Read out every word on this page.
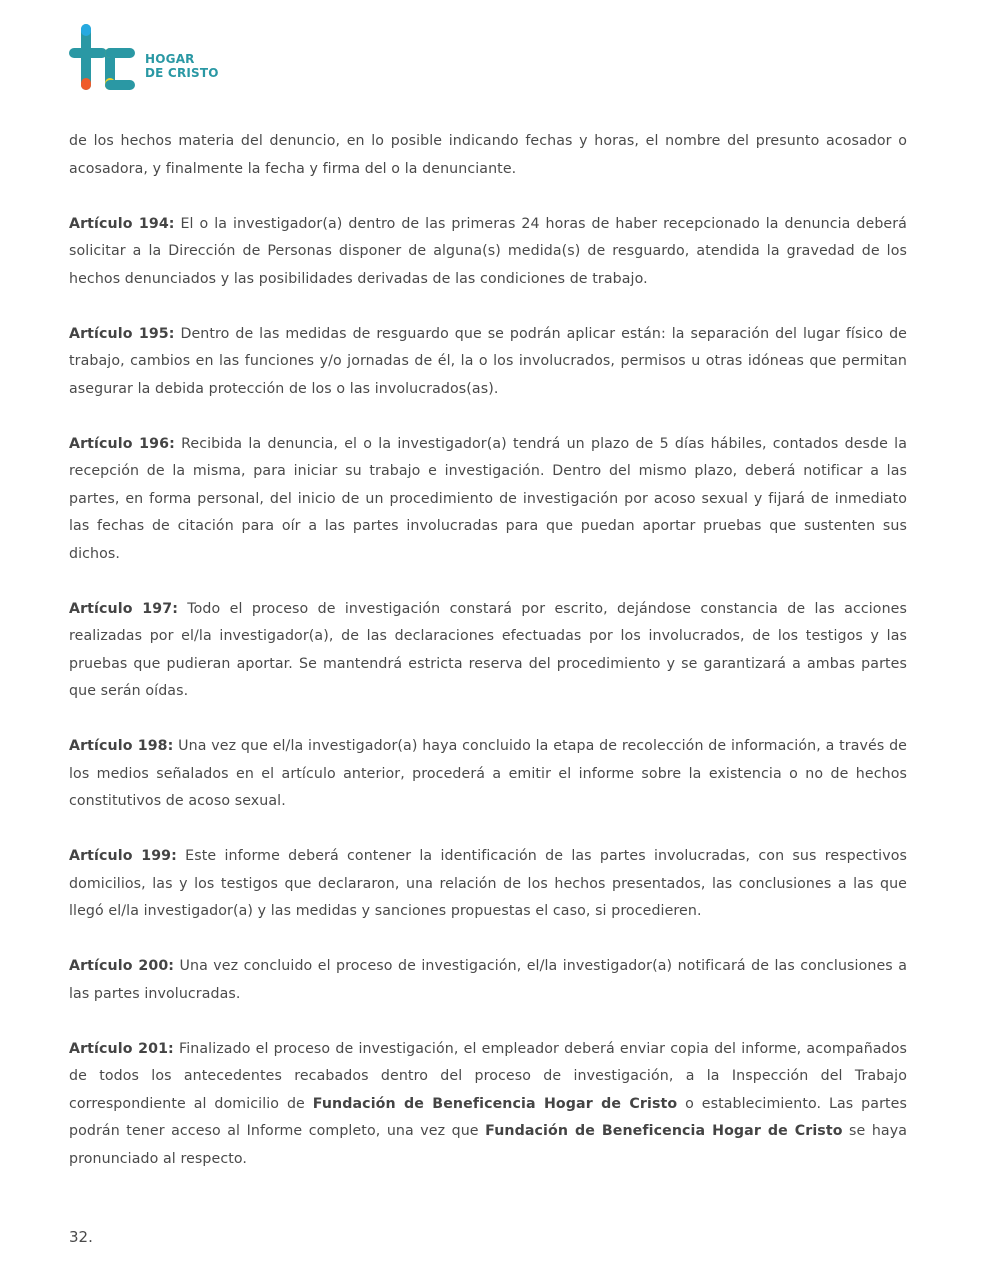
HOGAR
DE CRISTO

de los hechos materia del denuncio, en lo posible indicando fechas y horas, el nombre del presunto acosador o acosadora, y finalmente la fecha y firma del o la denunciante.

Artículo 194: El o la investigador(a) dentro de las primeras 24 horas de haber recepcionado la denuncia deberá solicitar a la Dirección de Personas disponer de alguna(s) medida(s) de resguardo, atendida la gravedad de los hechos denunciados y las posibilidades derivadas de las condiciones de trabajo.

Artículo 195: Dentro de las medidas de resguardo que se podrán aplicar están: la separación del lugar físico de trabajo, cambios en las funciones y/o jornadas de él, la o los involucrados, permisos u otras idóneas que permitan asegurar la debida protección de los o las involucrados(as).

Artículo 196: Recibida la denuncia, el o la investigador(a) tendrá un plazo de 5 días hábiles, contados desde la recepción de la misma, para iniciar su trabajo e investigación. Dentro del mismo plazo, deberá notificar a las partes, en forma personal, del inicio de un procedimiento de investigación por acoso sexual y fijará de inmediato las fechas de citación para oír a las partes involucradas para que puedan aportar pruebas que sustenten sus dichos.

Artículo 197: Todo el proceso de investigación constará por escrito, dejándose constancia de las acciones realizadas por el/la investigador(a), de las declaraciones efectuadas por los involucrados, de los testigos y las pruebas que pudieran aportar. Se mantendrá estricta reserva del procedimiento y se garantizará a ambas partes que serán oídas.

Artículo 198: Una vez que el/la investigador(a) haya concluido la etapa de recolección de información, a través de los medios señalados en el artículo anterior, procederá a emitir el informe sobre la existencia o no de hechos constitutivos de acoso sexual.

Artículo 199: Este informe deberá contener la identificación de las partes involucradas, con sus respectivos domicilios, las y los testigos que declararon, una relación de los hechos presentados, las conclusiones a las que llegó el/la investigador(a) y las medidas y sanciones propuestas el caso, si procedieren.

Artículo 200: Una vez concluido el proceso de investigación, el/la investigador(a) notificará de las conclusiones a las partes involucradas.

Artículo 201: Finalizado el proceso de investigación, el empleador deberá enviar copia del informe, acompañados de todos los antecedentes recabados dentro del proceso de investigación, a la Inspección del Trabajo correspondiente al domicilio de Fundación de Beneficencia Hogar de Cristo o establecimiento. Las partes podrán tener acceso al Informe completo, una vez que Fundación de Beneficencia Hogar de Cristo se haya pronunciado al respecto.

32.
